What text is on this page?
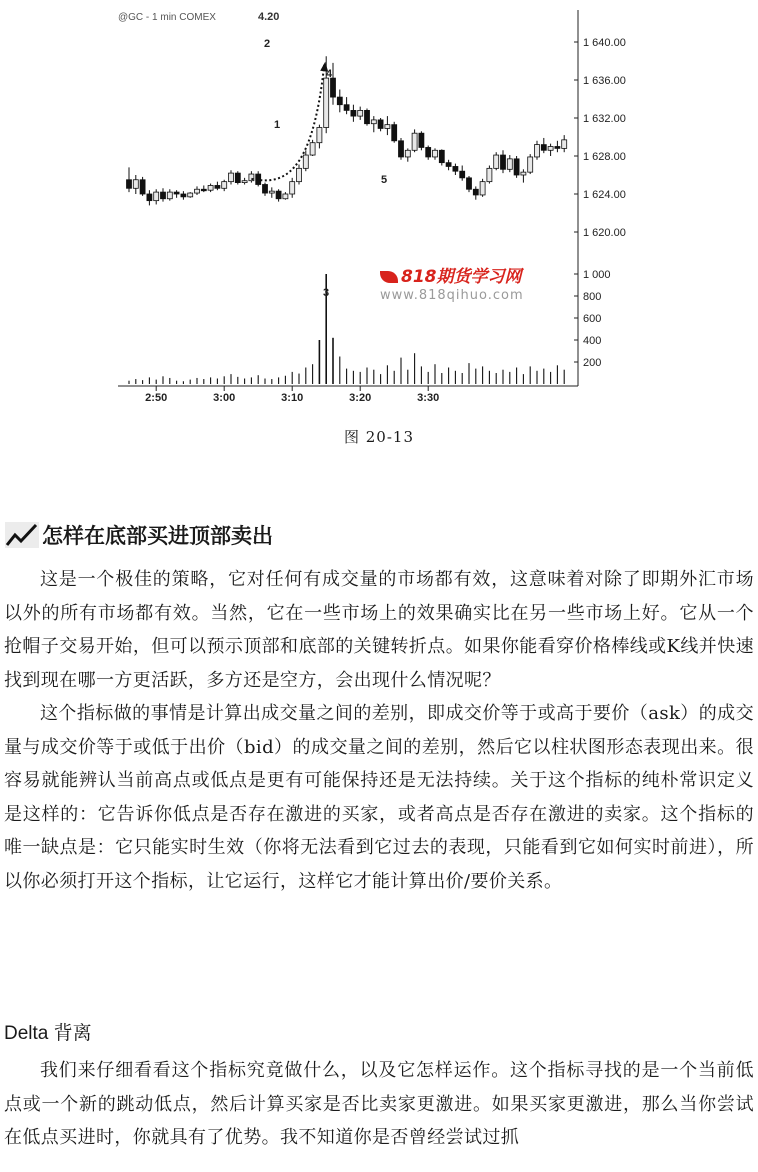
@GC - 1 min COMEX	4.20
1 640.00
1 636.00
1 632.00
1 628.00
1 624.00
1 620.00
1 000
800
600
400
200
2:50	3:00	3:10	3:20	3:30
1
2
3
4
5
818期货学习网
www.818qihuo.com
图 20-13
怎样在底部买进顶部卖出

这是一个极佳的策略，它对任何有成交量的市场都有效，这意味着对除了即期外汇市场以外的所有市场都有效。当然，它在一些市场上的效果确实比在另一些市场上好。它从一个抢帽子交易开始，但可以预示顶部和底部的关键转折点。如果你能看穿价格棒线或K线并快速找到现在哪一方更活跃，多方还是空方，会出现什么情况呢？

这个指标做的事情是计算出成交量之间的差别，即成交价等于或高于要价（ask）的成交量与成交价等于或低于出价（bid）的成交量之间的差别，然后它以柱状图形态表现出来。很容易就能辨认当前高点或低点是更有可能保持还是无法持续。关于这个指标的纯朴常识定义是这样的：它告诉你低点是否存在激进的买家，或者高点是否存在激进的卖家。这个指标的唯一缺点是：它只能实时生效（你将无法看到它过去的表现，只能看到它如何实时前进），所以你必须打开这个指标，让它运行，这样它才能计算出价/要价关系。

Delta 背离

我们来仔细看看这个指标究竟做什么，以及它怎样运作。这个指标寻找的是一个当前低点或一个新的跳动低点，然后计算买家是否比卖家更激进。如果买家更激进，那么当你尝试在低点买进时，你就具有了优势。我不知道你是否曾经尝试过抓
